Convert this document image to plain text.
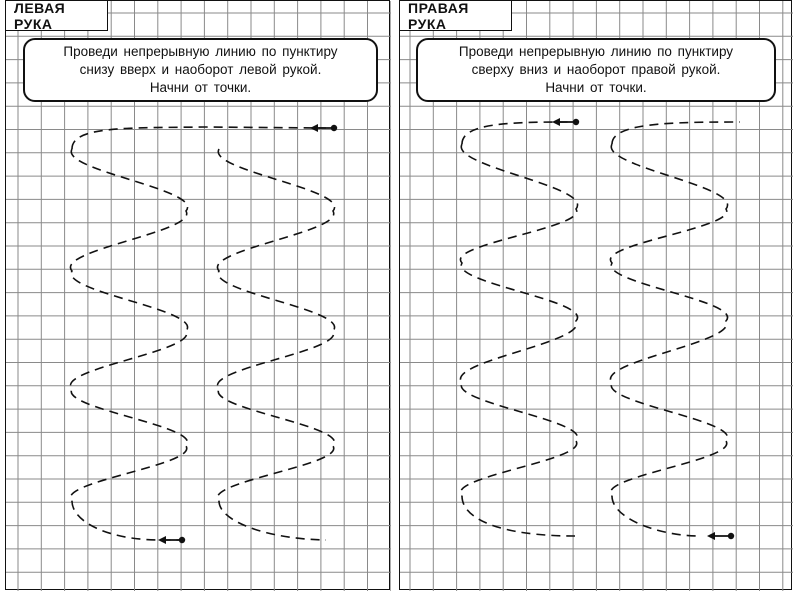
ЛЕВАЯ РУКА
Проведи непрерывную линию по пунктиру
снизу вверх и наоборот левой рукой.
Начни от точки.
ПРАВАЯ РУКА
Проведи непрерывную линию по пунктиру
сверху вниз и наоборот правой рукой.
Начни от точки.
